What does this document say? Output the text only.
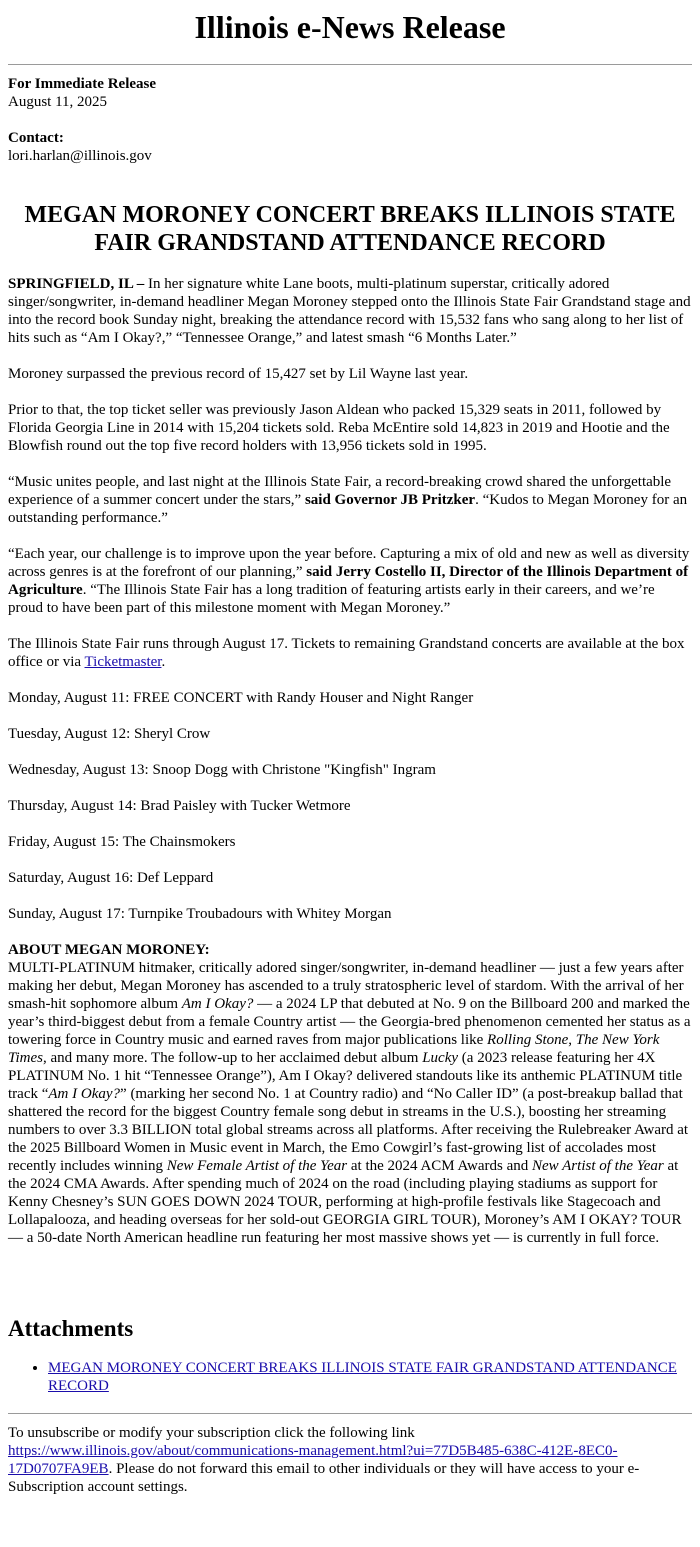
Illinois e-News Release
For Immediate Release
August 11, 2025
Contact:
lori.harlan@illinois.gov
MEGAN MORONEY CONCERT BREAKS ILLINOIS STATE FAIR GRANDSTAND ATTENDANCE RECORD

SPRINGFIELD, IL – In her signature white Lane boots, multi-platinum superstar, critically adored singer/songwriter, in-demand headliner Megan Moroney stepped onto the Illinois State Fair Grandstand stage and into the record book Sunday night, breaking the attendance record with 15,532 fans who sang along to her list of hits such as “Am I Okay?,” “Tennessee Orange,” and latest smash “6 Months Later.”

Moroney surpassed the previous record of 15,427 set by Lil Wayne last year.

Prior to that, the top ticket seller was previously Jason Aldean who packed 15,329 seats in 2011, followed by Florida Georgia Line in 2014 with 15,204 tickets sold. Reba McEntire sold 14,823 in 2019 and Hootie and the Blowfish round out the top five record holders with 13,956 tickets sold in 1995.

“Music unites people, and last night at the Illinois State Fair, a record-breaking crowd shared the unforgettable experience of a summer concert under the stars,” said Governor JB Pritzker. “Kudos to Megan Moroney for an outstanding performance.”

“Each year, our challenge is to improve upon the year before. Capturing a mix of old and new as well as diversity across genres is at the forefront of our planning,” said Jerry Costello II, Director of the Illinois Department of Agriculture. “The Illinois State Fair has a long tradition of featuring artists early in their careers, and we’re proud to have been part of this milestone moment with Megan Moroney.”

The Illinois State Fair runs through August 17. Tickets to remaining Grandstand concerts are available at the box office or via Ticketmaster.

Monday, August 11: FREE CONCERT with Randy Houser and Night Ranger

Tuesday, August 12: Sheryl Crow

Wednesday, August 13: Snoop Dogg with Christone "Kingfish" Ingram

Thursday, August 14: Brad Paisley with Tucker Wetmore

Friday, August 15: The Chainsmokers

Saturday, August 16: Def Leppard

Sunday, August 17: Turnpike Troubadours with Whitey Morgan

ABOUT MEGAN MORONEY:
MULTI-PLATINUM hitmaker, critically adored singer/songwriter, in-demand headliner — just a few years after making her debut, Megan Moroney has ascended to a truly stratospheric level of stardom. With the arrival of her smash-hit sophomore album Am I Okay? — a 2024 LP that debuted at No. 9 on the Billboard 200 and marked the year’s third-biggest debut from a female Country artist — the Georgia-bred phenomenon cemented her status as a towering force in Country music and earned raves from major publications like Rolling Stone, The New York Times, and many more. The follow-up to her acclaimed debut album Lucky (a 2023 release featuring her 4X PLATINUM No. 1 hit “Tennessee Orange”), Am I Okay? delivered standouts like its anthemic PLATINUM title track “Am I Okay?” (marking her second No. 1 at Country radio) and “No Caller ID” (a post-breakup ballad that shattered the record for the biggest Country female song debut in streams in the U.S.), boosting her streaming numbers to over 3.3 BILLION total global streams across all platforms. After receiving the Rulebreaker Award at the 2025 Billboard Women in Music event in March, the Emo Cowgirl’s fast-growing list of accolades most recently includes winning New Female Artist of the Year at the 2024 ACM Awards and New Artist of the Year at the 2024 CMA Awards. After spending much of 2024 on the road (including playing stadiums as support for Kenny Chesney’s SUN GOES DOWN 2024 TOUR, performing at high-profile festivals like Stagecoach and Lollapalooza, and heading overseas for her sold-out GEORGIA GIRL TOUR), Moroney’s AM I OKAY? TOUR — a 50-date North American headline run featuring her most massive shows yet — is currently in full force.

Attachments
• MEGAN MORONEY CONCERT BREAKS ILLINOIS STATE FAIR GRANDSTAND ATTENDANCE RECORD
To unsubscribe or modify your subscription click the following link
https://www.illinois.gov/about/communications-management.html?ui=77D5B485-638C-412E-8EC0-17D0707FA9EB. Please do not forward this email to other individuals or they will have access to your e-Subscription account settings.
